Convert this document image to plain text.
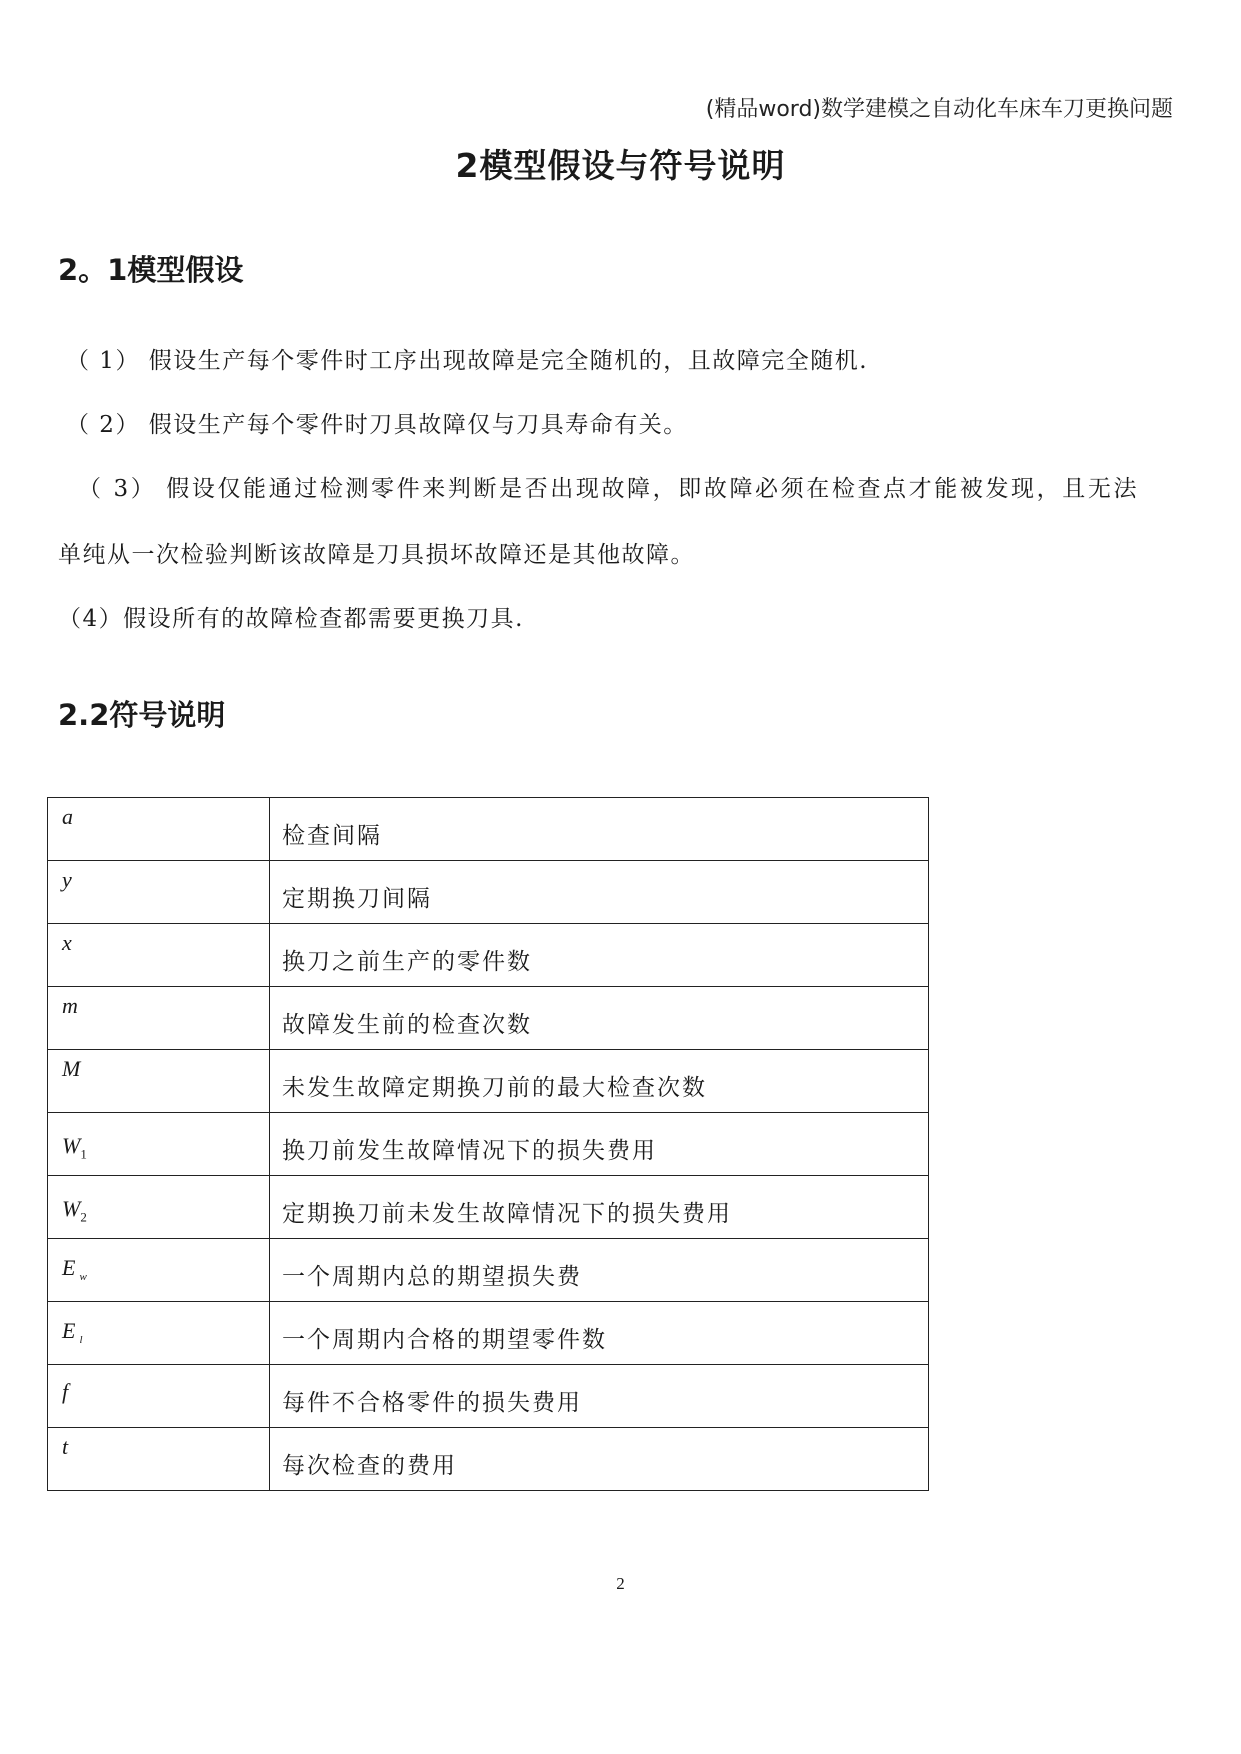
(精品word)数学建模之自动化车床车刀更换问题
2模型假设与符号说明
2。1模型假设

（ 1） 假设生产每个零件时工序出现故障是完全随机的，且故障完全随机.

（ 2） 假设生产每个零件时刀具故障仅与刀具寿命有关。

（ 3） 假设仅能通过检测零件来判断是否出现故障，即故障必须在检查点才能被发现，且无法

单纯从一次检验判断该故障是刀具损坏故障还是其他故障。

（4）假设所有的故障检查都需要更换刀具.

2.2符号说明
a	检查间隔
y	定期换刀间隔
x	换刀之前生产的零件数
m	故障发生前的检查次数
M	未发生故障定期换刀前的最大检查次数
$W_1$	换刀前发生故障情况下的损失费用
$W_2$	定期换刀前未发生故障情况下的损失费用
E $_w$	一个周期内总的期望损失费
E $_l$	一个周期内合格的期望零件数
f	每件不合格零件的损失费用
t	每次检查的费用
2
